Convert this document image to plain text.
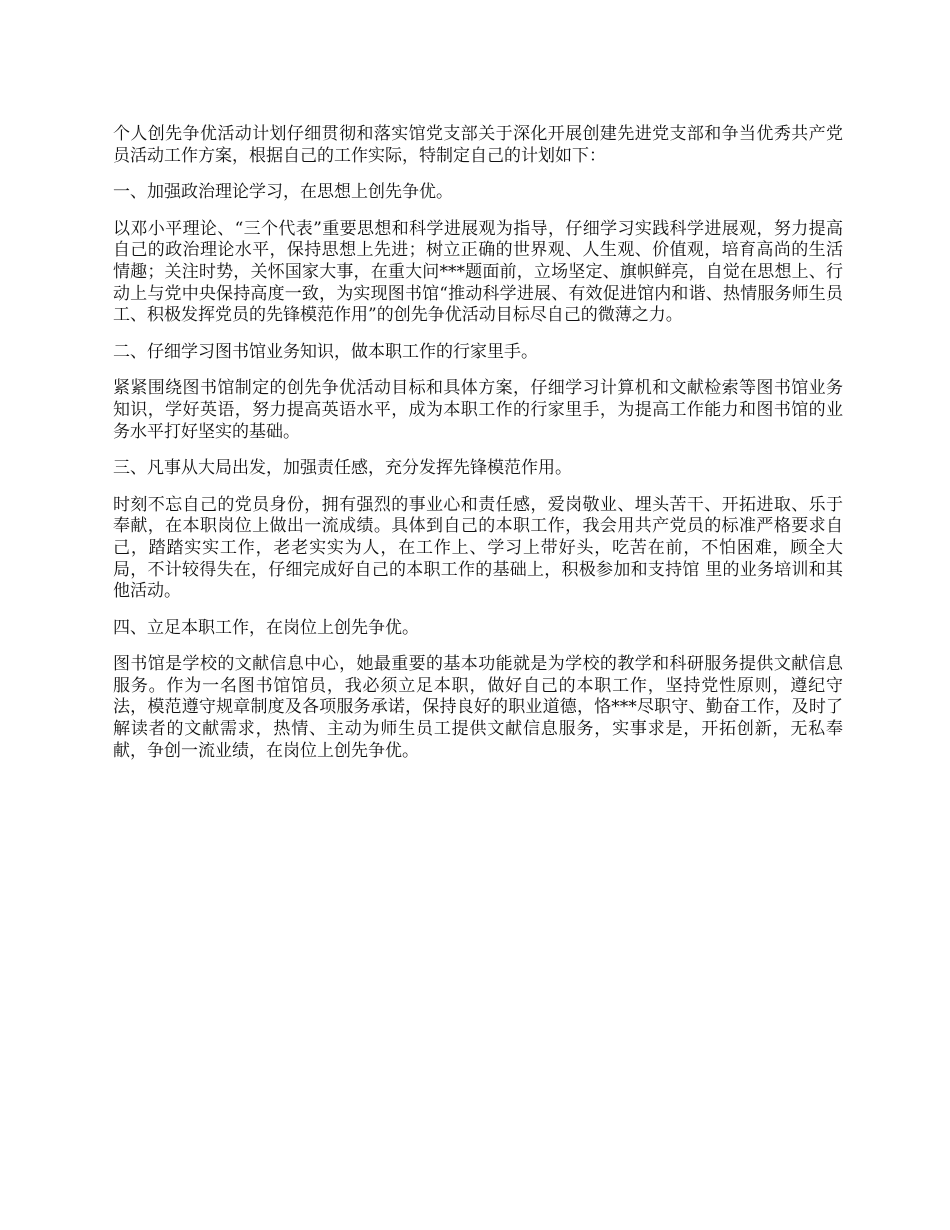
个人创先争优活动计划仔细贯彻和落实馆党支部关于深化开展创建先进党支部和争当优秀共产党员活动工作方案，根据自己的工作实际，特制定自己的计划如下：

一、加强政治理论学习，在思想上创先争优。

以邓小平理论、“三个代表”重要思想和科学进展观为指导，仔细学习实践科学进展观，努力提高自己的政治理论水平，保持思想上先进；树立正确的世界观、人生观、价值观，培育高尚的生活情趣；关注时势，关怀国家大事，在重大问***题面前，立场坚定、旗帜鲜亮，自觉在思想上、行动上与党中央保持高度一致，为实现图书馆“推动科学进展、有效促进馆内和谐、热情服务师生员工、积极发挥党员的先锋模范作用”的创先争优活动目标尽自己的微薄之力。

二、仔细学习图书馆业务知识，做本职工作的行家里手。

紧紧围绕图书馆制定的创先争优活动目标和具体方案，仔细学习计算机和文献检索等图书馆业务知识，学好英语，努力提高英语水平，成为本职工作的行家里手，为提高工作能力和图书馆的业务水平打好坚实的基础。

三、凡事从大局出发，加强责任感，充分发挥先锋模范作用。

时刻不忘自己的党员身份，拥有强烈的事业心和责任感，爱岗敬业、埋头苦干、开拓进取、乐于奉献，在本职岗位上做出一流成绩。具体到自己的本职工作，我会用共产党员的标准严格要求自己，踏踏实实工作，老老实实为人，在工作上、学习上带好头，吃苦在前，不怕困难，顾全大局，不计较得失在，仔细完成好自己的本职工作的基础上，积极参加和支持馆 里的业务培训和其他活动。

四、立足本职工作，在岗位上创先争优。

图书馆是学校的文献信息中心，她最重要的基本功能就是为学校的教学和科研服务提供文献信息服务。作为一名图书馆馆员，我必须立足本职，做好自己的本职工作，坚持党性原则，遵纪守法，模范遵守规章制度及各项服务承诺，保持良好的职业道德，恪***尽职守、勤奋工作，及时了解读者的文献需求，热情、主动为师生员工提供文献信息服务，实事求是，开拓创新，无私奉献，争创一流业绩，在岗位上创先争优。
